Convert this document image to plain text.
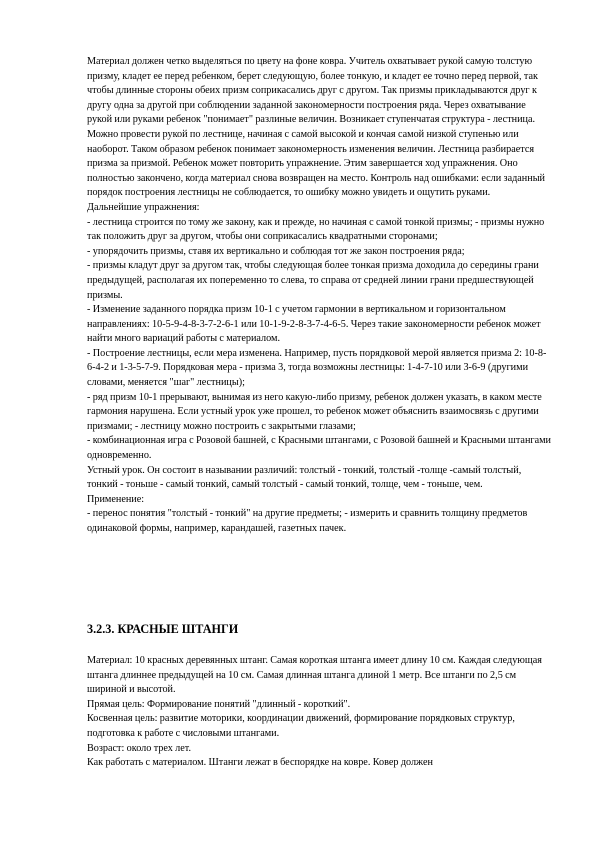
Материал должен четко выделяться по цвету на фоне ковра. Учитель охватывает рукой самую толстую призму, кладет ее перед ребенком, берет следующую, более тонкую, и кладет ее точно перед первой, так чтобы длинные стороны обеих призм соприкасались друг с другом. Так призмы прикладываются друг к другу одна за другой при соблюдении заданной закономерности построения ряда. Через охватывание рукой или руками ребенок "понимает" разлиные величин. Возникает ступенчатая структура - лестница. Можно провести рукой по лестнице, начиная с самой высокой и кончая самой низкой ступенью или наоборот. Таком образом ребенок понимает закономерность изменения величин. Лестница разбирается призма за призмой. Ребенок может повторить упражнение. Этим завершается ход упражнения. Оно полностью закончено, когда материал снова возвращен на место. Контроль над ошибками: если заданный порядок построения лестницы не соблюдается, то ошибку можно увидеть и ощутить руками.

Дальнейшие упражнения:

- лестница строится по тому же закону, как и прежде, но начиная с самой тонкой призмы; - призмы нужно так положить друг за другом, чтобы они соприкасались квадратными сторонами;

- упорядочить призмы, ставя их вертикально и соблюдая тот же закон построения ряда;

- призмы кладут друг за другом так, чтобы следующая более тонкая призма доходила до середины грани предыдущей, располагая их попеременно то слева, то справа от средней линии грани предшествующей призмы.

- Изменение заданного порядка призм 10-1 с учетом гармонии в вертикальном и горизонтальном направлениях: 10-5-9-4-8-3-7-2-6-1 или 10-1-9-2-8-3-7-4-6-5. Через такие закономерности ребенок может найти много вариаций работы с материалом.

- Построение лестницы, если мера изменена. Например, пусть порядковой мерой является призма 2: 10-8-6-4-2 и 1-3-5-7-9. Порядковая мера - призма 3, тогда возможны лестницы: 1-4-7-10 или 3-6-9 (другими словами, меняется "шаг" лестницы);

- ряд призм 10-1 прерывают, вынимая из него какую-либо призму, ребенок должен указать, в каком месте гармония нарушена. Если устный урок уже прошел, то ребенок может объяснить взаимосвязь с другими призмами; - лестницу можно построить с закрытыми глазами;

- комбинационная игра с Розовой башней, с Красными штангами, с Розовой башней и Красными штангами одновременно.

Устный урок. Он состоит в назывании различий: толстый - тонкий, толстый -толще -самый толстый, тонкий - тоньше - самый тонкий, самый толстый - самый тонкий, толще, чем - тоньше, чем.

Применение:

- перенос понятия "толстый - тонкий" на другие предметы; - измерить и сравнить толщину предметов одинаковой формы, например, карандашей, газетных пачек.

3.2.3. КРАСНЫЕ ШТАНГИ

Материал: 10 красных деревянных штанг. Самая короткая штанга имеет длину 10 см. Каждая следующая штанга длиннее предыдущей на 10 см. Самая длинная штанга длиной 1 метр. Все штанги по 2,5 см шириной и высотой.

Прямая цель: Формирование понятий "длинный - короткий".

Косвенная цель: развитие моторики, координации движений, формирование порядковых структур, подготовка к работе с числовыми штангами.

Возраст: около трех лет.

Как работать с материалом. Штанги лежат в беспорядке на ковре. Ковер должен
